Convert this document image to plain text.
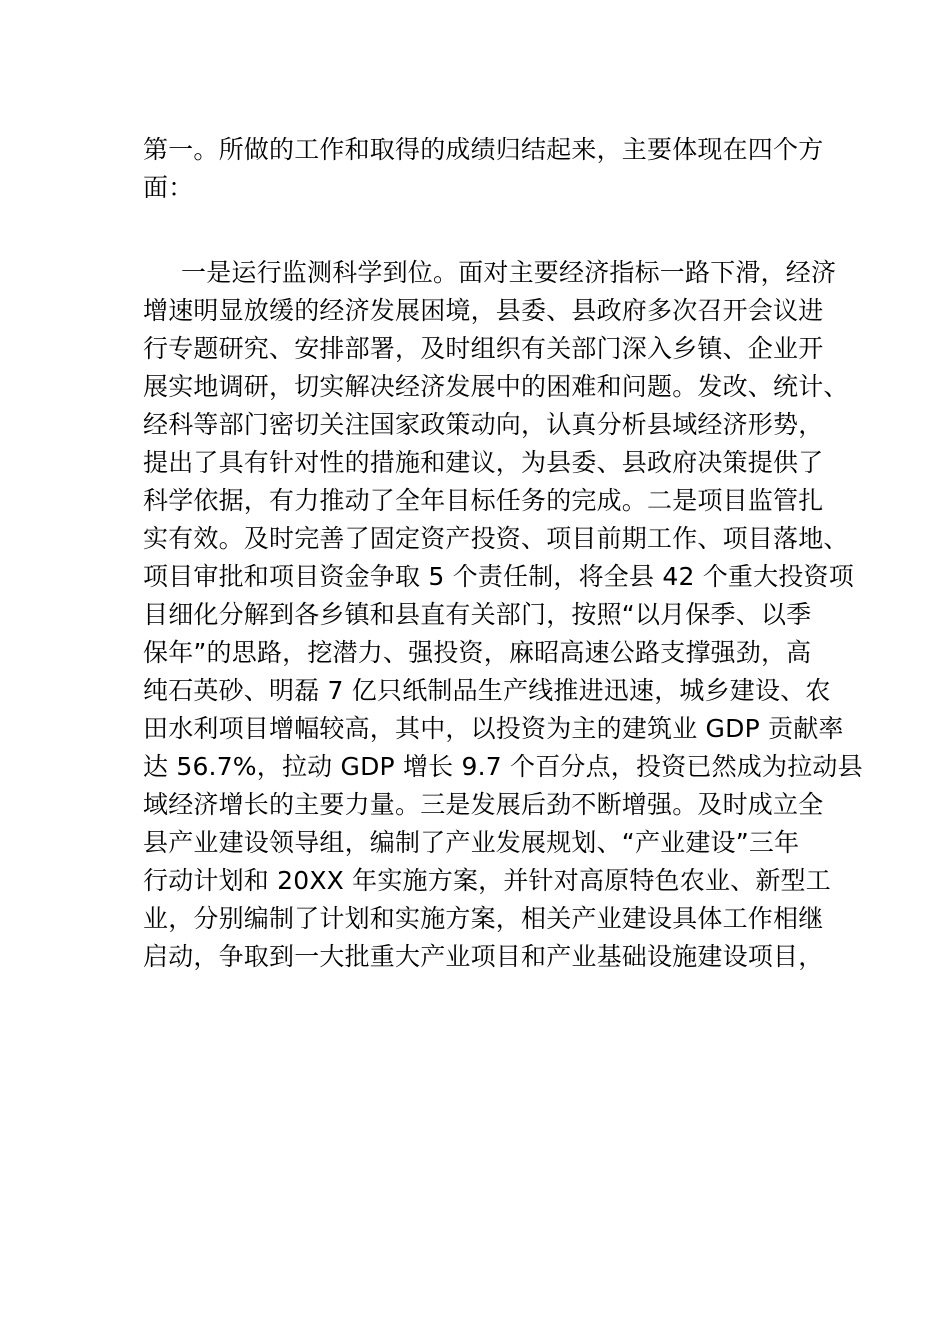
第一。所做的工作和取得的成绩归结起来，主要体现在四个方
面：
一是运行监测科学到位。面对主要经济指标一路下滑，经济
增速明显放缓的经济发展困境，县委、县政府多次召开会议进
行专题研究、安排部署，及时组织有关部门深入乡镇、企业开
展实地调研，切实解决经济发展中的困难和问题。发改、统计、
经科等部门密切关注国家政策动向，认真分析县域经济形势，
提出了具有针对性的措施和建议，为县委、县政府决策提供了
科学依据，有力推动了全年目标任务的完成。二是项目监管扎
实有效。及时完善了固定资产投资、项目前期工作、项目落地、
项目审批和项目资金争取 5 个责任制，将全县 42 个重大投资项
目细化分解到各乡镇和县直有关部门，按照“以月保季、以季
保年”的思路，挖潜力、强投资，麻昭高速公路支撑强劲，高
纯石英砂、明磊 7 亿只纸制品生产线推进迅速，城乡建设、农
田水利项目增幅较高，其中，以投资为主的建筑业 GDP 贡献率
达 56.7%，拉动 GDP 增长 9.7 个百分点，投资已然成为拉动县
域经济增长的主要力量。三是发展后劲不断增强。及时成立全
县产业建设领导组，编制了产业发展规划、“产业建设”三年
行动计划和 20XX 年实施方案，并针对高原特色农业、新型工
业，分别编制了计划和实施方案，相关产业建设具体工作相继
启动，争取到一大批重大产业项目和产业基础设施建设项目，
